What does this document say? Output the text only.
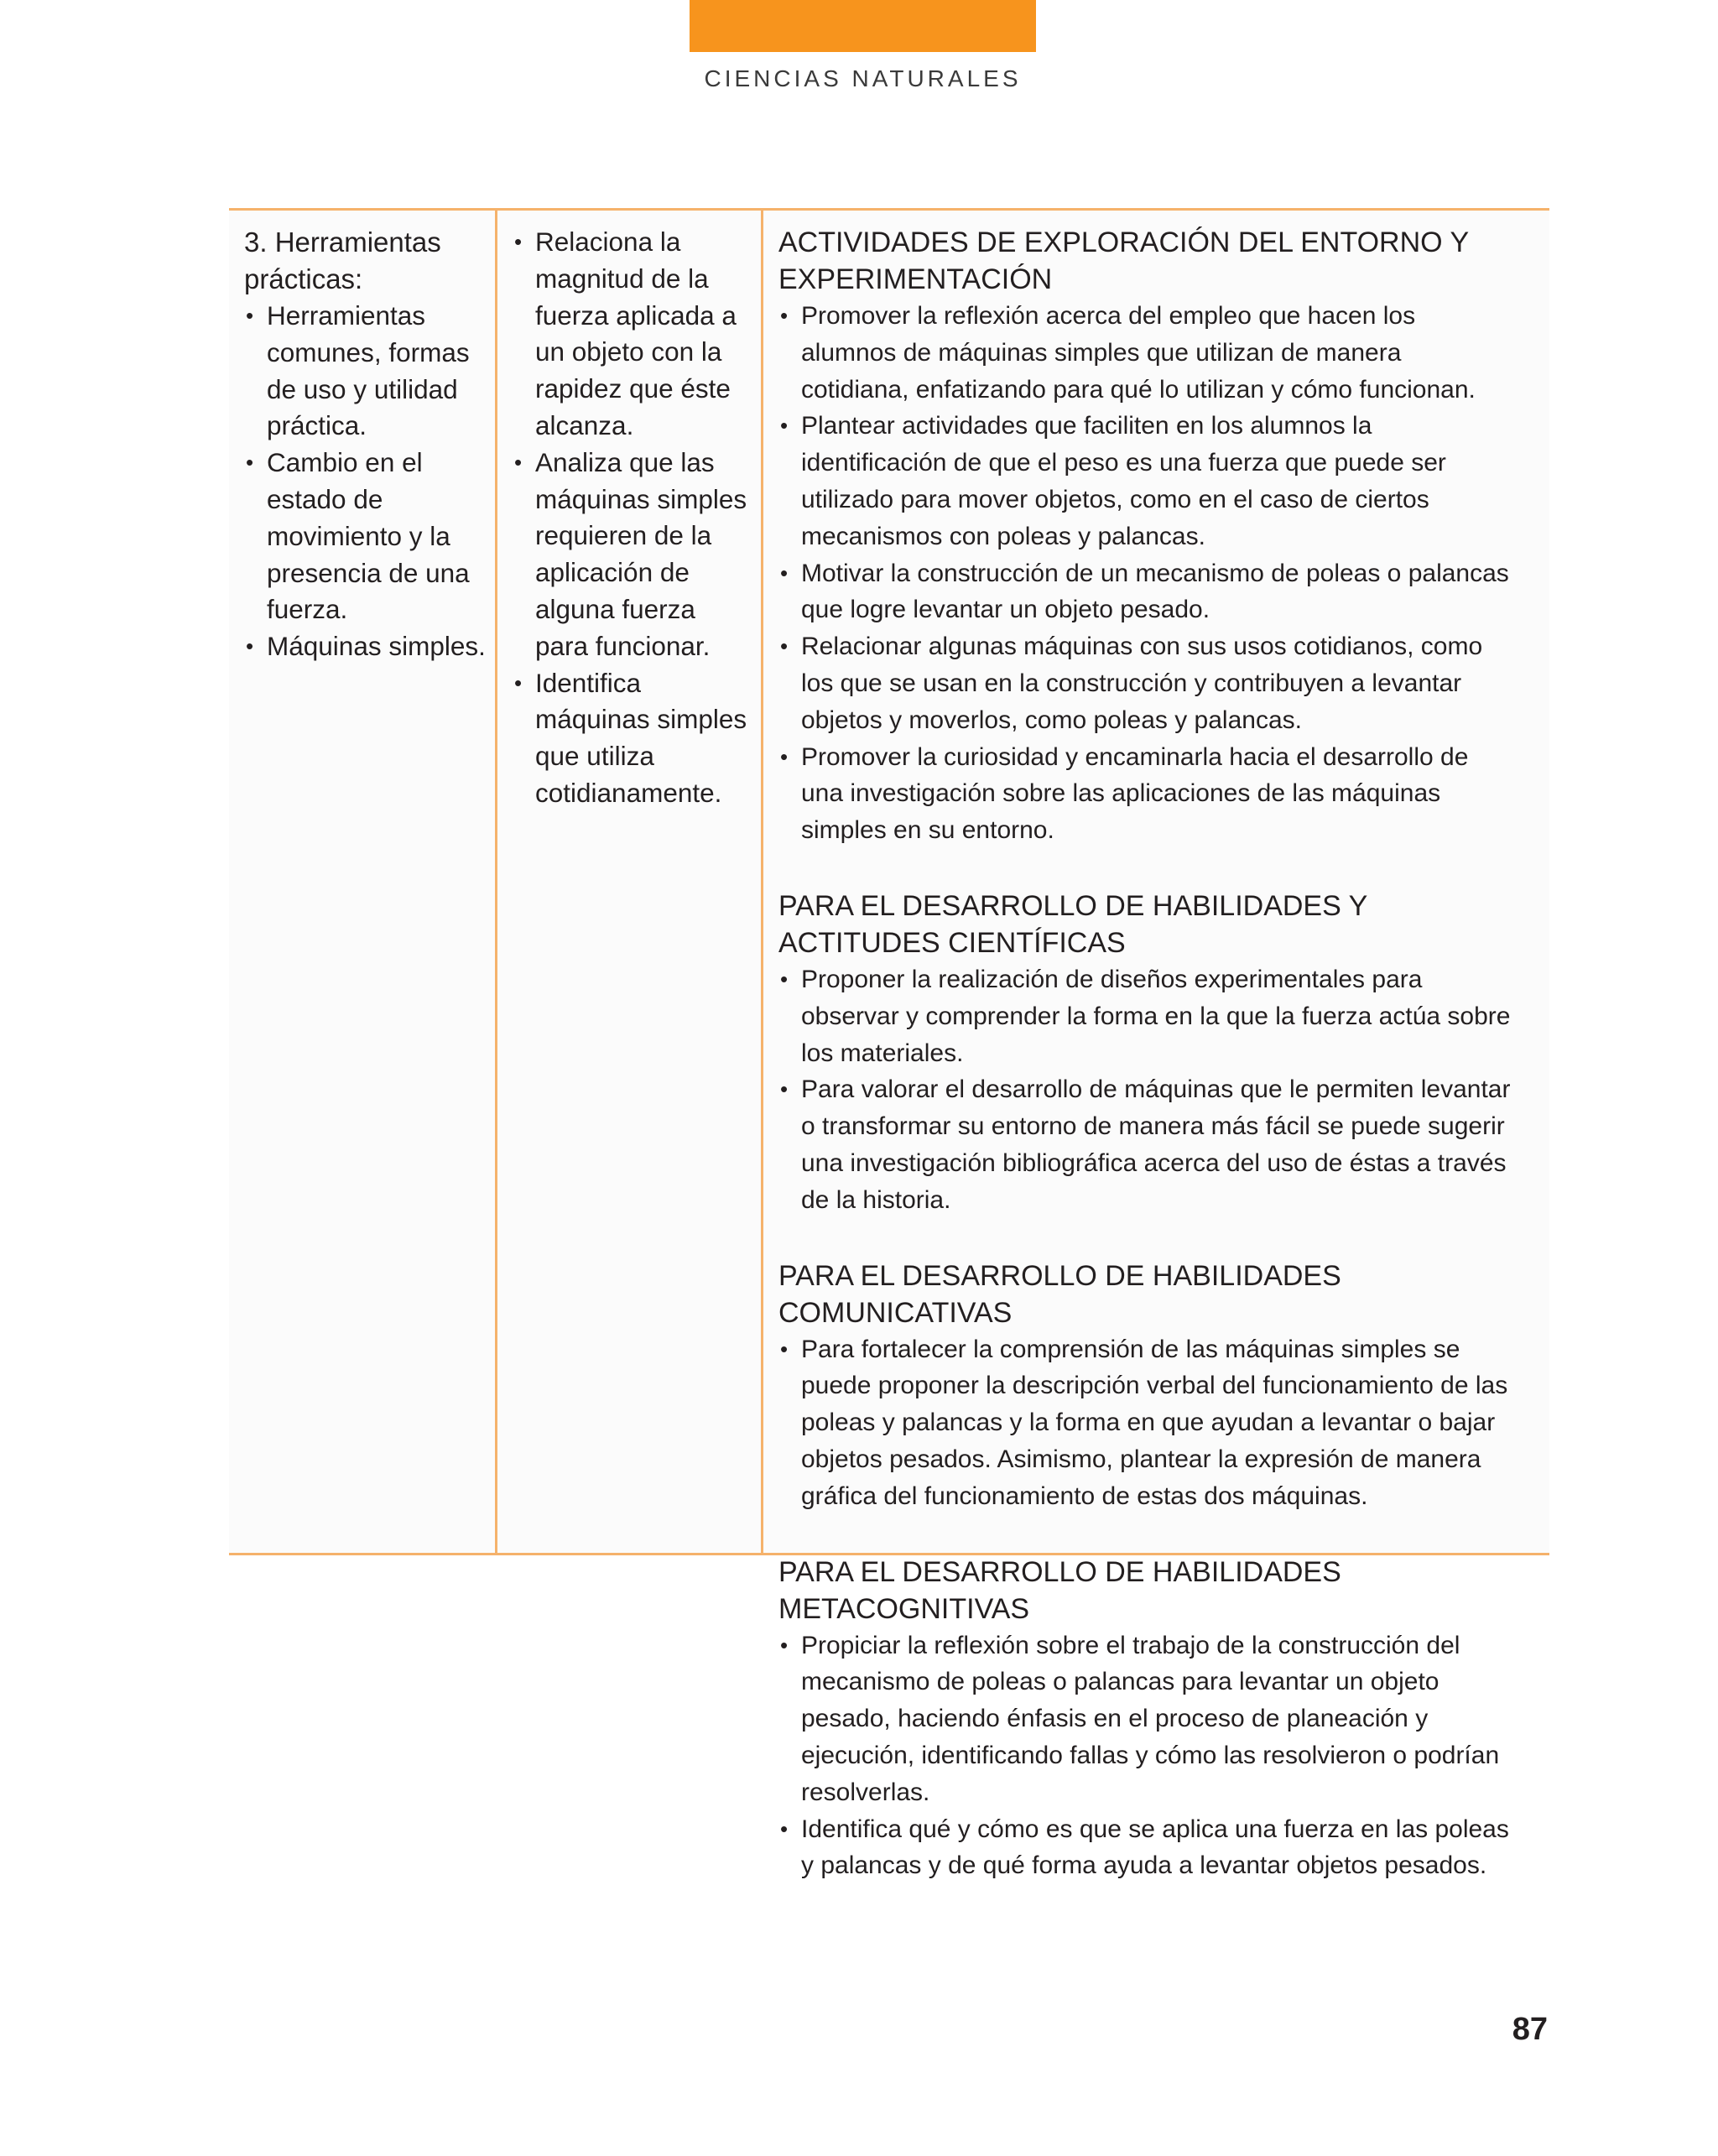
CIENCIAS NATURALES

3. Herramientas prácticas:

• Herramientas comunes, formas de uso y utilidad práctica.
• Cambio en el estado de movimiento y la presencia de una fuerza.
• Máquinas simples.
• Relaciona la magnitud de la fuerza aplicada a un objeto con la rapidez que éste alcanza.
• Analiza que las máquinas simples requieren de la aplicación de alguna fuerza para funcionar.
• Identifica máquinas simples que utiliza cotidianamente.
ACTIVIDADES DE EXPLORACIÓN DEL ENTORNO Y EXPERIMENTACIÓN
• Promover la reflexión acerca del empleo que hacen los alumnos de máquinas simples que utilizan de manera cotidiana, enfatizando para qué lo utilizan y cómo funcionan.
• Plantear actividades que faciliten en los alumnos la identificación de que el peso es una fuerza que puede ser utilizado para mover objetos, como en el caso de ciertos mecanismos con poleas y palancas.
• Motivar la construcción de un mecanismo de poleas o palancas que logre levantar un objeto pesado.
• Relacionar algunas máquinas con sus usos cotidianos, como los que se usan en la construcción y contribuyen a levantar objetos y moverlos, como poleas y palancas.
• Promover la curiosidad y encaminarla hacia el desarrollo de una investigación sobre las aplicaciones de las máquinas simples en su entorno.
PARA EL DESARROLLO DE HABILIDADES Y ACTITUDES CIENTÍFICAS
• Proponer la realización de diseños experimentales para observar y comprender la forma en la que la fuerza actúa sobre los materiales.
• Para valorar el desarrollo de máquinas que le permiten levantar o transformar su entorno de manera más fácil se puede sugerir una investigación bibliográfica acerca del uso de éstas a través de la historia.
PARA EL DESARROLLO DE HABILIDADES COMUNICATIVAS
• Para fortalecer la comprensión de las máquinas simples se puede proponer la descripción verbal del funcionamiento de las poleas y palancas y la forma en que ayudan a levantar o bajar objetos pesados. Asimismo, plantear la expresión de manera gráfica del funcionamiento de estas dos máquinas.
PARA EL DESARROLLO DE HABILIDADES METACOGNITIVAS
• Propiciar la reflexión sobre el trabajo de la construcción del mecanismo de poleas o palancas para levantar un objeto pesado, haciendo énfasis en el proceso de planeación y ejecución, identificando fallas y cómo las resolvieron o podrían resolverlas.
• Identifica qué y cómo es que se aplica una fuerza en las poleas y palancas y de qué forma ayuda a levantar objetos pesados.
87
